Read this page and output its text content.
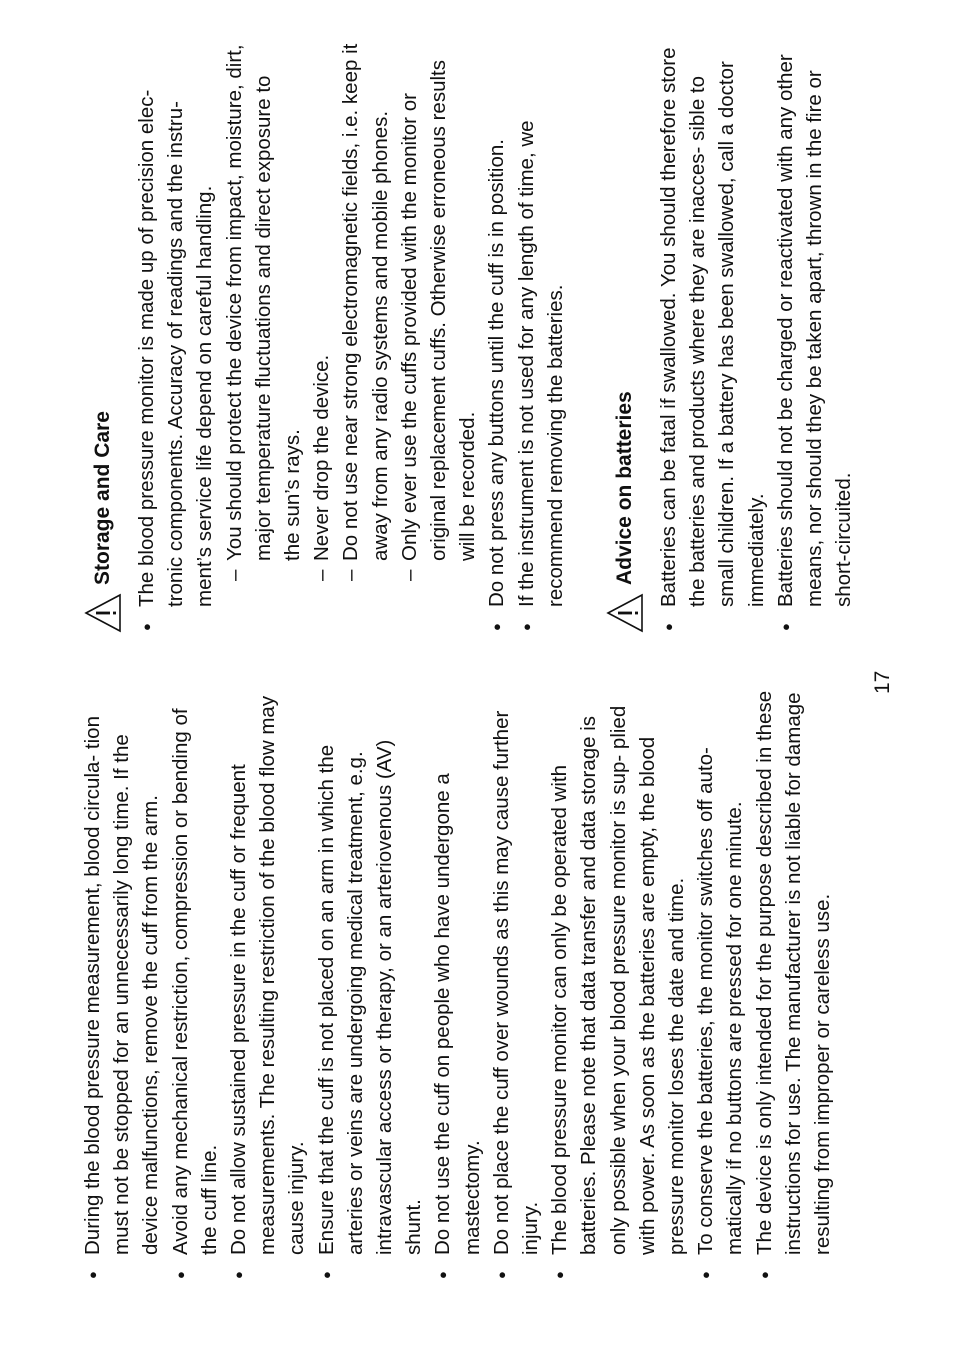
● During the blood pressure measurement, blood circula- tion must not be stopped for an unnecessarily long time. If the device malfunctions, remove the cuff from the arm. ● Avoid any mechanical restriction, compression or bending of the cuff line. ● Do not allow sustained pressure in the cuff or frequent measurements. The resulting restriction of the blood flow may cause injury. ● Ensure that the cuff is not placed on an arm in which the arteries or veins are undergoing medical treatment, e.g. intravascular access or therapy, or an arteriovenous (AV) shunt. ● Do not use the cuff on people who have undergone a mastectomy. ● Do not place the cuff over wounds as this may cause further injury. ● The blood pressure monitor can only be operated with batteries. Please note that data transfer and data storage is only possible when your blood pressure monitor is sup- plied with power. As soon as the batteries are empty, the blood pressure monitor loses the date and time. ● To conserve the batteries, the monitor switches off auto- matically if no buttons are pressed for one minute. ● The device is only intended for the purpose described in these instructions for use. The manufacturer is not liable for damage resulting from improper or careless use.
Storage and Care ● The blood pressure monitor is made up of precision elec- tronic components. Accuracy of readings and the instru- ment’s service life depend on careful handling. –
You should protect the device from impact, moisture, dirt, major temperature fluctuations and direct exposure to the sun’s rays.
–
Never drop the device.
–
Do not use near strong electromagnetic fields, i.e. keep it away from any radio systems and mobile phones.
–
Only ever use the cuffs provided with the monitor or original replacement cuffs. Otherwise erroneous results will be recorded. ● Do not press any buttons until the cuff is in position. ● If the instrument is not used for any length of time, we recommend removing the batteries. Advice on batteries ● Batteries can be fatal if swallowed. You should therefore store the batteries and products where they are inacces- sible to small children. If a battery has been swallowed, call a doctor immediately. ● Batteries should not be charged or reactivated with any other means, nor should they be taken apart, thrown in the fire or short-circuited.
17
